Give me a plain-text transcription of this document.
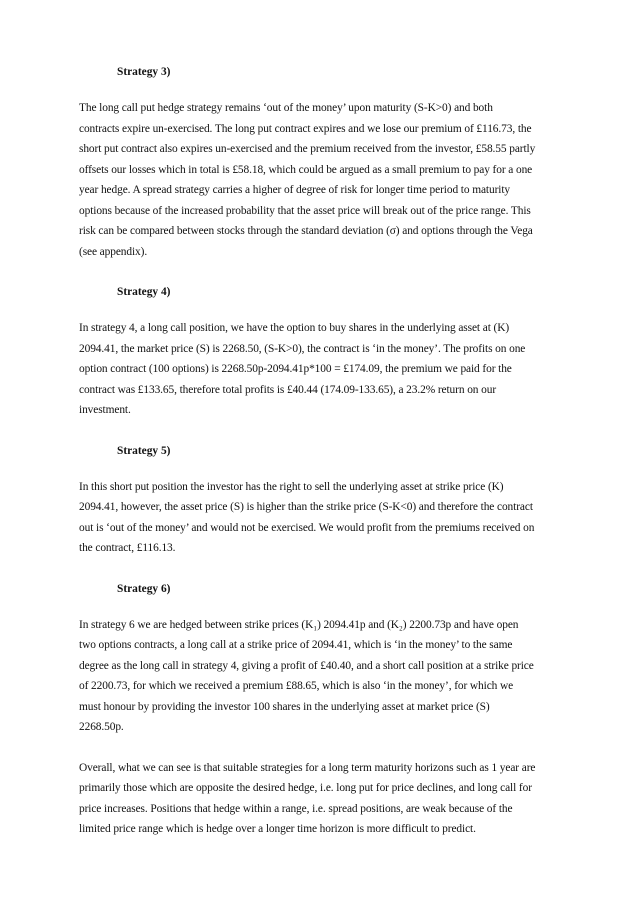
Strategy 3)

The long call put hedge strategy remains ‘out of the money’ upon maturity (S-K>0) and both
contracts expire un-exercised. The long put contract expires and we lose our premium of £116.73, the
short put contract also expires un-exercised and the premium received from the investor, £58.55 partly
offsets our losses which in total is £58.18, which could be argued as a small premium to pay for a one
year hedge. A spread strategy carries a higher of degree of risk for longer time period to maturity
options because of the increased probability that the asset price will break out of the price range. This
risk can be compared between stocks through the standard deviation (σ) and options through the Vega
(see appendix).

Strategy 4)

In strategy 4, a long call position, we have the option to buy shares in the underlying asset at (K)
2094.41, the market price (S) is 2268.50, (S-K>0), the contract is ‘in the money’. The profits on one
option contract (100 options) is 2268.50p-2094.41p*100 = £174.09, the premium we paid for the
contract was £133.65, therefore total profits is £40.44 (174.09-133.65), a 23.2% return on our
investment.

Strategy 5)

In this short put position the investor has the right to sell the underlying asset at strike price (K)
2094.41, however, the asset price (S) is higher than the strike price (S-K<0) and therefore the contract
out is ‘out of the money’ and would not be exercised. We would profit from the premiums received on
the contract, £116.13.

Strategy 6)

In strategy 6 we are hedged between strike prices (K₁) 2094.41p and (K₂) 2200.73p and have open
two options contracts, a long call at a strike price of 2094.41, which is ‘in the money’ to the same
degree as the long call in strategy 4, giving a profit of £40.40, and a short call position at a strike price
of 2200.73, for which we received a premium £88.65, which is also ‘in the money’, for which we
must honour by providing the investor 100 shares in the underlying asset at market price (S)
2268.50p.

Overall, what we can see is that suitable strategies for a long term maturity horizons such as 1 year are
primarily those which are opposite the desired hedge, i.e. long put for price declines, and long call for
price increases. Positions that hedge within a range, i.e. spread positions, are weak because of the
limited price range which is hedge over a longer time horizon is more difficult to predict.
